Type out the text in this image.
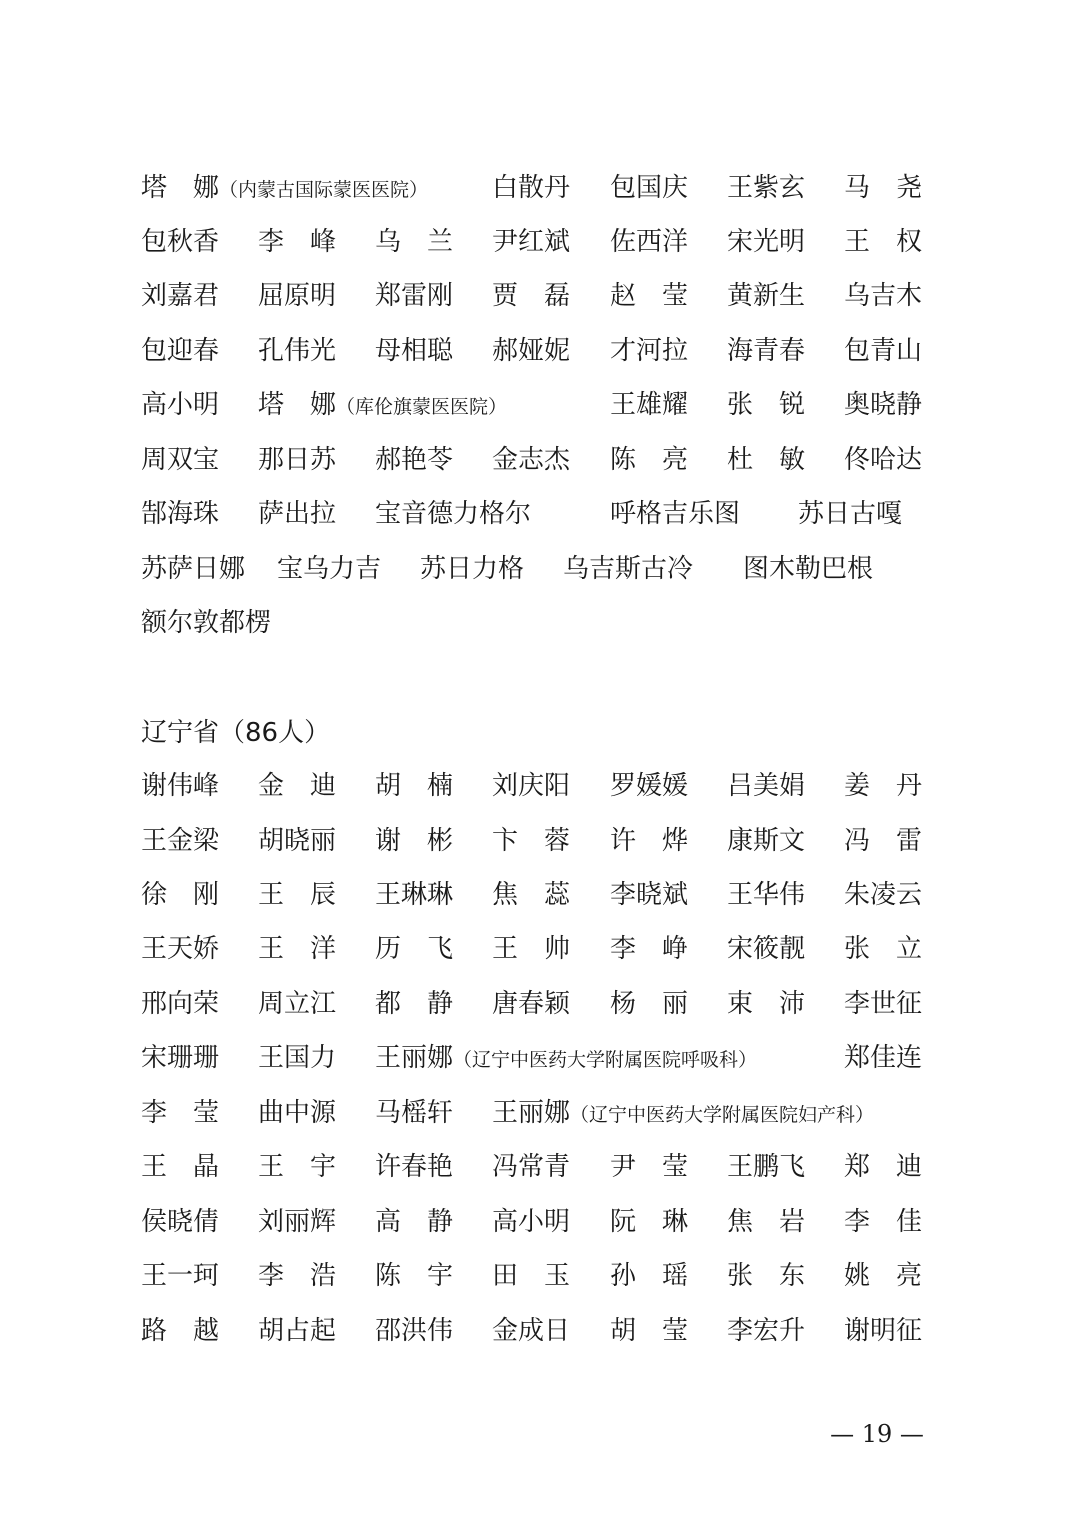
塔　娜（内蒙古国际蒙医医院） 白散丹 包国庆 王紫玄 马　尧
包秋香 李　峰 乌　兰 尹红斌 佐西洋 宋光明 王　权
刘嘉君 屈原明 郑雷刚 贾　磊 赵　莹 黄新生 乌吉木
包迎春 孔伟光 母相聪 郝娅妮 才河拉 海青春 包青山
高小明 塔　娜（库伦旗蒙医医院）	王雄耀 张　锐 奥晓静
周双宝 那日苏 郝艳苓 金志杰 陈　亮 杜　敏 佟哈达
郜海珠 萨出拉 宝音德力格尔	呼格吉乐图 苏日古嘎
苏萨日娜 宝乌力吉 苏日力格 乌吉斯古冷 图木勒巴根
额尔敦都楞
谢伟峰 金　迪 胡　楠 刘庆阳 罗媛媛 吕美娟 姜　丹
王金梁 胡晓丽 谢　彬 卞　蓉 许　烨 康斯文 冯　雷
徐　刚 王　辰 王琳琳 焦　蕊 李晓斌 王华伟 朱凌云
王天娇 王　洋 历　飞 王　帅 李　峥 宋筱靓 张　立
邢向荣 周立江 都　静 唐春颖 杨　丽 束　沛 李世征
宋珊珊 王国力 王丽娜（辽宁中医药大学附属医院呼吸科）	郑佳连
李　莹 曲中源 马榣轩 王丽娜（辽宁中医药大学附属医院妇产科）
王　晶 王　宇 许春艳 冯常青 尹　莹 王鹏飞 郑　迪
侯晓倩 刘丽辉 高　静 高小明 阮　琳 焦　岩 李　佳
王一珂 李　浩 陈　宇 田　玉 孙　瑶 张　东 姚　亮
路　越 胡占起 邵洪伟 金成日 胡　莹 李宏升 谢明征
辽宁省（86人）
— 19 —
